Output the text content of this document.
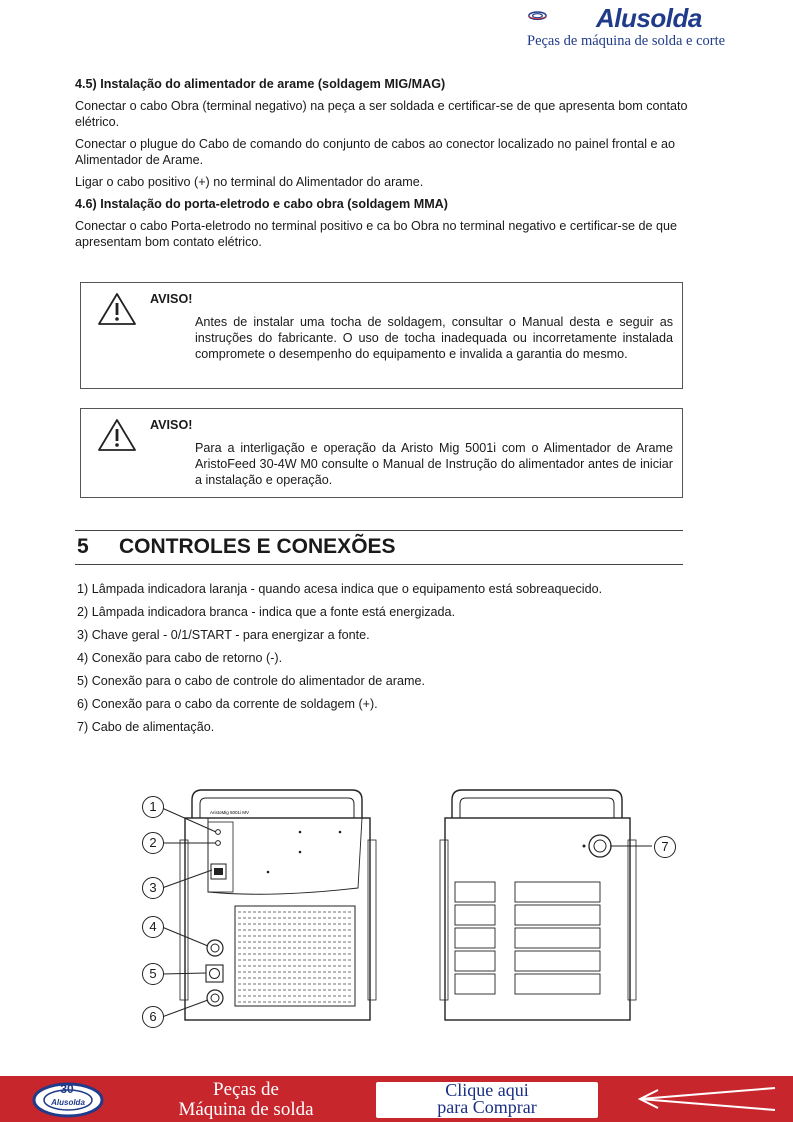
Alusolda
Peças de máquina de solda e corte
4.5) Instalação do alimentador de arame (soldagem MIG/MAG)

Conectar o cabo Obra (terminal negativo) na peça a ser soldada e certificar-se de que apresenta bom contato elétrico.

Conectar o plugue do Cabo de comando do conjunto de cabos ao conector localizado no painel frontal e ao Alimentador de Arame.

Ligar o cabo positivo (+) no terminal do Alimentador do arame.

4.6) Instalação do porta-eletrodo e cabo obra (soldagem MMA)

Conectar o cabo Porta-eletrodo no terminal positivo e ca bo Obra no terminal negativo e certificar-se de que apresentam bom contato elétrico.

AVISO!
Antes de instalar uma tocha de soldagem, consultar o Manual desta e seguir as instruções do fabricante. O uso de tocha inadequada ou incorretamente instalada compromete o desempenho do equipamento e invalida a garantia do mesmo.
AVISO!
Para a interligação e operação da Aristo Mig 5001i com o Alimentador de Arame AristoFeed 30-4W M0 consulte o Manual de Instrução do alimentador antes de iniciar a instalação e operação.
5 CONTROLES E CONEXÕES
1) Lâmpada indicadora laranja - quando acesa indica que o equipamento está sobreaquecido.
2) Lâmpada indicadora branca - indica que a fonte está energizada.
3) Chave geral - 0/1/START - para energizar a fonte.
4) Conexão para cabo de retorno (-).
5) Conexão para o cabo de controle do alimentador de arame.
6) Conexão para o cabo da corrente de soldagem (+).
7) Cabo de alimentação.
AristoMig 5001i MV
1
2
3
4
5
6
7
30
Alusolda
Peças de
Máquina de solda
Clique aqui
para Comprar
